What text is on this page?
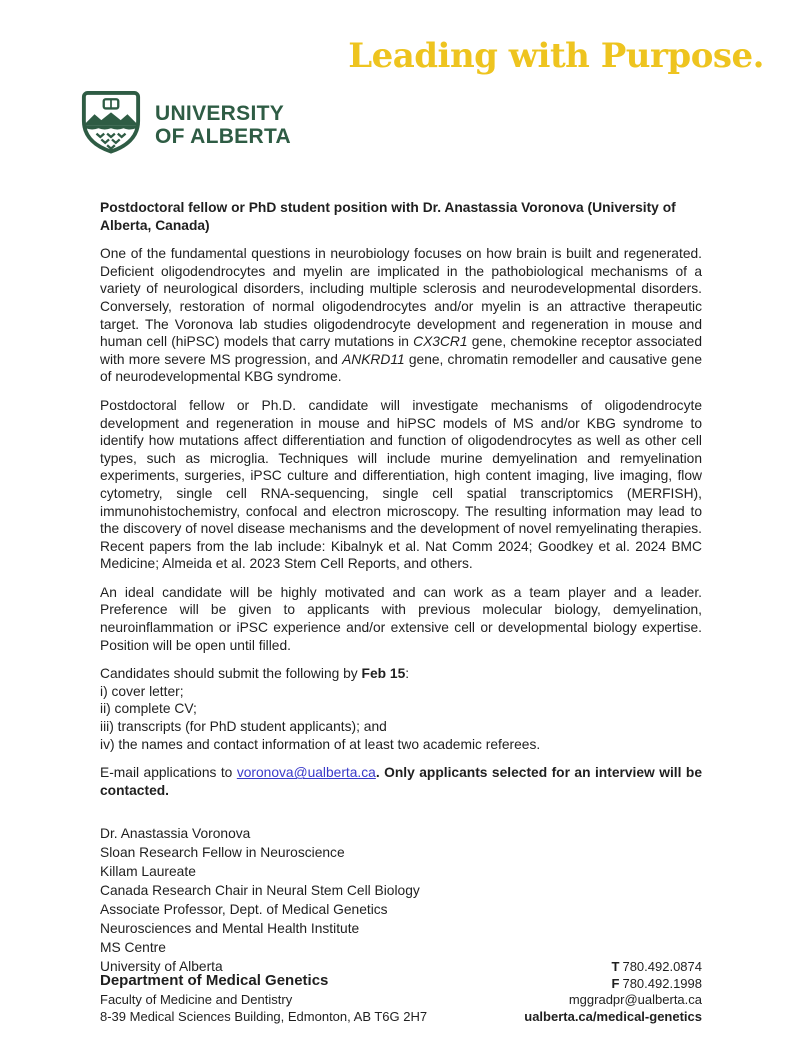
Leading with Purpose.
UNIVERSITY
OF ALBERTA

Postdoctoral fellow or PhD student position with Dr. Anastassia Voronova (University of Alberta, Canada)

One of the fundamental questions in neurobiology focuses on how brain is built and regenerated. Deficient oligodendrocytes and myelin are implicated in the pathobiological mechanisms of a variety of neurological disorders, including multiple sclerosis and neurodevelopmental disorders. Conversely, restoration of normal oligodendrocytes and/or myelin is an attractive therapeutic target. The Voronova lab studies oligodendrocyte development and regeneration in mouse and human cell (hiPSC) models that carry mutations in CX3CR1 gene, chemokine receptor associated with more severe MS progression, and ANKRD11 gene, chromatin remodeller and causative gene of neurodevelopmental KBG syndrome.

Postdoctoral fellow or Ph.D. candidate will investigate mechanisms of oligodendrocyte development and regeneration in mouse and hiPSC models of MS and/or KBG syndrome to identify how mutations affect differentiation and function of oligodendrocytes as well as other cell types, such as microglia. Techniques will include murine demyelination and remyelination experiments, surgeries, iPSC culture and differentiation, high content imaging, live imaging, flow cytometry, single cell RNA-sequencing, single cell spatial transcriptomics (MERFISH), immunohistochemistry, confocal and electron microscopy. The resulting information may lead to the discovery of novel disease mechanisms and the development of novel remyelinating therapies. Recent papers from the lab include: Kibalnyk et al. Nat Comm 2024; Goodkey et al. 2024 BMC Medicine; Almeida et al. 2023 Stem Cell Reports, and others.

An ideal candidate will be highly motivated and can work as a team player and a leader. Preference will be given to applicants with previous molecular biology, demyelination, neuroinflammation or iPSC experience and/or extensive cell or developmental biology expertise. Position will be open until filled.

Candidates should submit the following by Feb 15:
i) cover letter;
ii) complete CV;
iii) transcripts (for PhD student applicants); and
iv) the names and contact information of at least two academic referees.

E-mail applications to voronova@ualberta.ca. Only applicants selected for an interview will be contacted.

Dr. Anastassia Voronova
Sloan Research Fellow in Neuroscience
Killam Laureate
Canada Research Chair in Neural Stem Cell Biology
Associate Professor, Dept. of Medical Genetics
Neurosciences and Mental Health Institute
MS Centre
University of Alberta
Department of Medical Genetics
Faculty of Medicine and Dentistry
8-39 Medical Sciences Building, Edmonton, AB T6G 2H7
T 780.492.0874
F 780.492.1998
mggradpr@ualberta.ca
ualberta.ca/medical-genetics
